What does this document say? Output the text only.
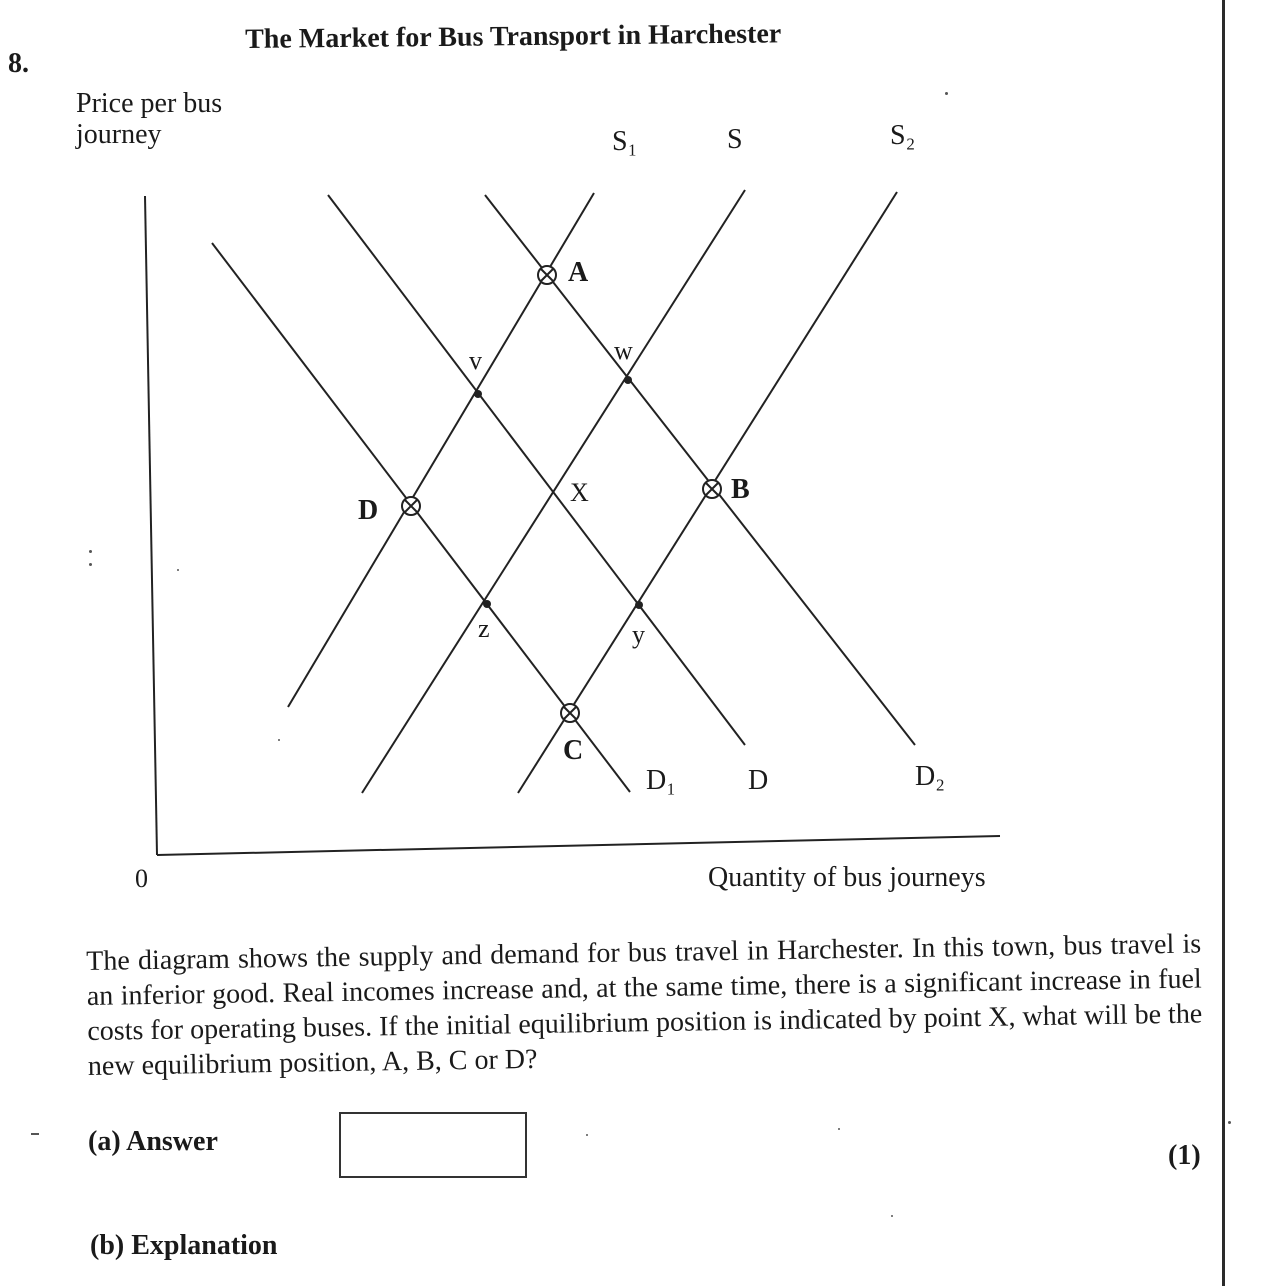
8.
The Market for Bus Transport in Harchester
Price per bus journey	S₁	S	S₂
D₁	D	D₂
A
B
C
D
X
v	w
z	y
0	Quantity of bus journeys
The diagram shows the supply and demand for bus travel in Harchester. In this town, bus travel is an inferior good. Real incomes increase and, at the same time, there is a significant increase in fuel costs for operating buses. If the initial equilibrium position is indicated by point X, what will be the new equilibrium position, A, B, C or D?
(a) Answer	(1)
(b) Explanation
